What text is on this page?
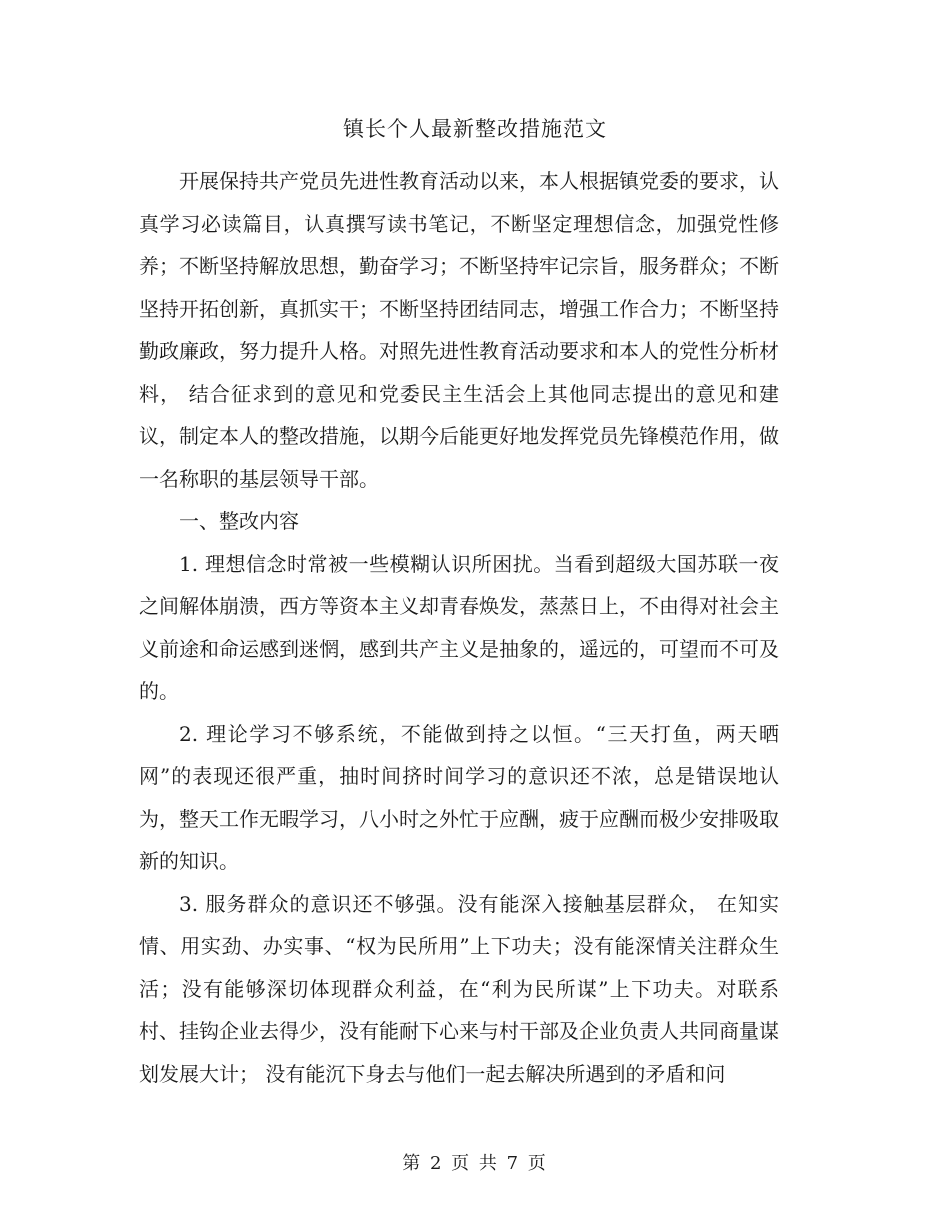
镇长个人最新整改措施范文

开展保持共产党员先进性教育活动以来，本人根据镇党委的要求，认真学习必读篇目，认真撰写读书笔记，不断坚定理想信念，加强党性修养；不断坚持解放思想，勤奋学习；不断坚持牢记宗旨，服务群众；不断坚持开拓创新，真抓实干；不断坚持团结同志，增强工作合力；不断坚持勤政廉政，努力提升人格。对照先进性教育活动要求和本人的党性分析材料， 结合征求到的意见和党委民主生活会上其他同志提出的意见和建议，制定本人的整改措施，以期今后能更好地发挥党员先锋模范作用，做一名称职的基层领导干部。

一、整改内容

1. 理想信念时常被一些模糊认识所困扰。当看到超级大国苏联一夜之间解体崩溃，西方等资本主义却青春焕发，蒸蒸日上，不由得对社会主义前途和命运感到迷惘，感到共产主义是抽象的，遥远的，可望而不可及的。

2. 理论学习不够系统，不能做到持之以恒。“三天打鱼，两天晒网”的表现还很严重，抽时间挤时间学习的意识还不浓，总是错误地认为，整天工作无暇学习，八小时之外忙于应酬，疲于应酬而极少安排吸取新的知识。

3. 服务群众的意识还不够强。没有能深入接触基层群众， 在知实情、用实劲、办实事、“权为民所用”上下功夫；没有能深情关注群众生活；没有能够深切体现群众利益，在“利为民所谋”上下功夫。对联系村、挂钩企业去得少，没有能耐下心来与村干部及企业负责人共同商量谋划发展大计； 没有能沉下身去与他们一起去解决所遇到的矛盾和问

第 2 页 共 7 页
